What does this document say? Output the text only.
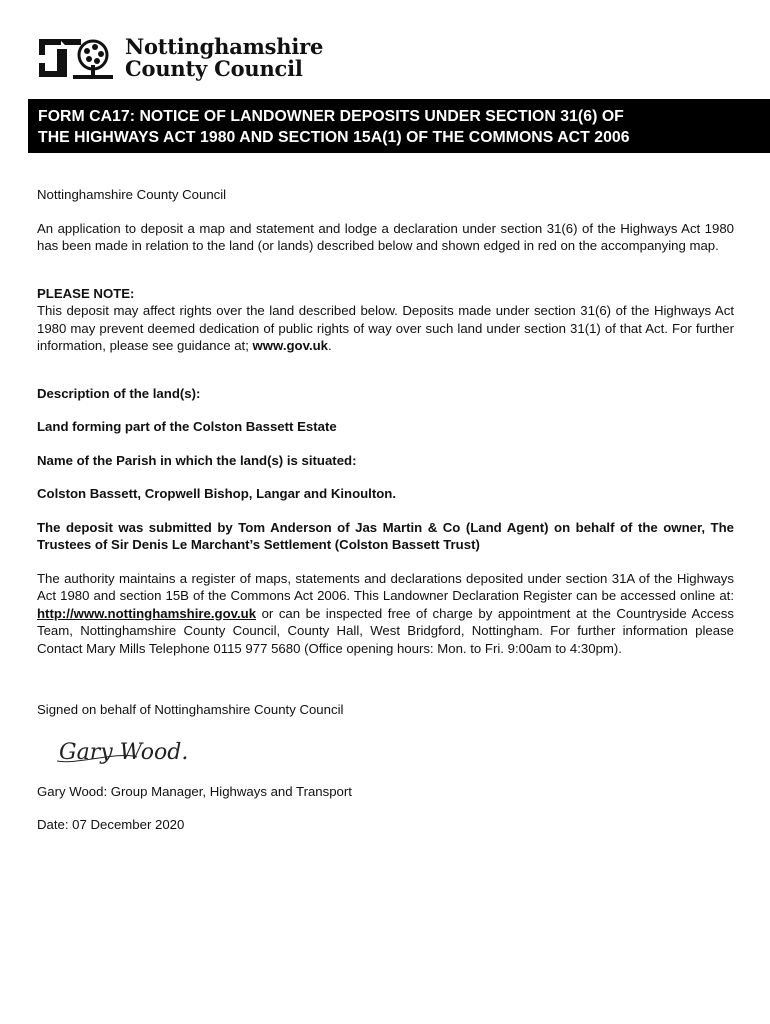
Nottinghamshire
County Council
FORM CA17: NOTICE OF LANDOWNER DEPOSITS UNDER SECTION 31(6) OF
THE HIGHWAYS ACT 1980 AND SECTION 15A(1) OF THE COMMONS ACT 2006

Nottinghamshire County Council

An application to deposit a map and statement and lodge a declaration under section 31(6) of the Highways Act 1980 has been made in relation to the land (or lands) described below and shown edged in red on the accompanying map.

PLEASE NOTE:

This deposit may affect rights over the land described below. Deposits made under section 31(6) of the Highways Act 1980 may prevent deemed dedication of public rights of way over such land under section 31(1) of that Act. For further information, please see guidance at; www.gov.uk.

Description of the land(s):

Land forming part of the Colston Bassett Estate

Name of the Parish in which the land(s) is situated:

Colston Bassett, Cropwell Bishop, Langar and Kinoulton.

The deposit was submitted by Tom Anderson of Jas Martin & Co (Land Agent) on behalf of the owner, The Trustees of Sir Denis Le Marchant’s Settlement (Colston Bassett Trust)

The authority maintains a register of maps, statements and declarations deposited under section 31A of the Highways Act 1980 and section 15B of the Commons Act 2006. This Landowner Declaration Register can be accessed online at: http://www.nottinghamshire.gov.uk or can be inspected free of charge by appointment at the Countryside Access Team, Nottinghamshire County Council, County Hall, West Bridgford, Nottingham. For further information please Contact Mary Mills Telephone 0115 977 5680 (Office opening hours: Mon. to Fri. 9:00am to 4:30pm).

Signed on behalf of Nottinghamshire County Council

Gary Wood.

Gary Wood: Group Manager, Highways and Transport

Date: 07 December 2020
